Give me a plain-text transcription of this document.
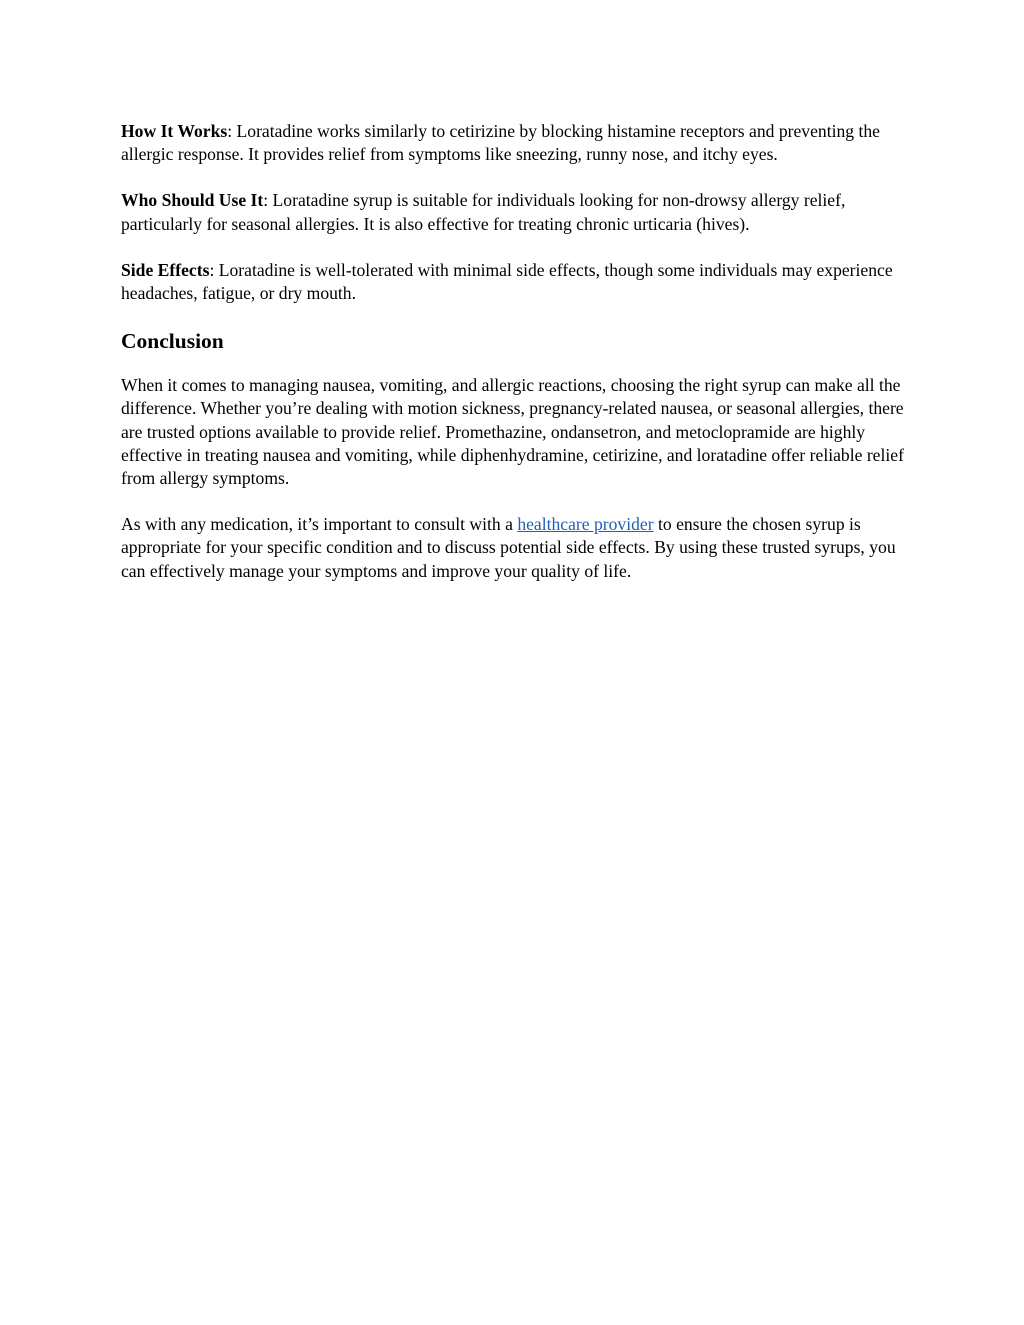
How It Works: Loratadine works similarly to cetirizine by blocking histamine receptors and preventing the allergic response. It provides relief from symptoms like sneezing, runny nose, and itchy eyes.

Who Should Use It: Loratadine syrup is suitable for individuals looking for non-drowsy allergy relief, particularly for seasonal allergies. It is also effective for treating chronic urticaria (hives).

Side Effects: Loratadine is well-tolerated with minimal side effects, though some individuals may experience headaches, fatigue, or dry mouth.

Conclusion

When it comes to managing nausea, vomiting, and allergic reactions, choosing the right syrup can make all the difference. Whether you’re dealing with motion sickness, pregnancy-related nausea, or seasonal allergies, there are trusted options available to provide relief. Promethazine, ondansetron, and metoclopramide are highly effective in treating nausea and vomiting, while diphenhydramine, cetirizine, and loratadine offer reliable relief from allergy symptoms.

As with any medication, it’s important to consult with a healthcare provider to ensure the chosen syrup is appropriate for your specific condition and to discuss potential side effects. By using these trusted syrups, you can effectively manage your symptoms and improve your quality of life.
